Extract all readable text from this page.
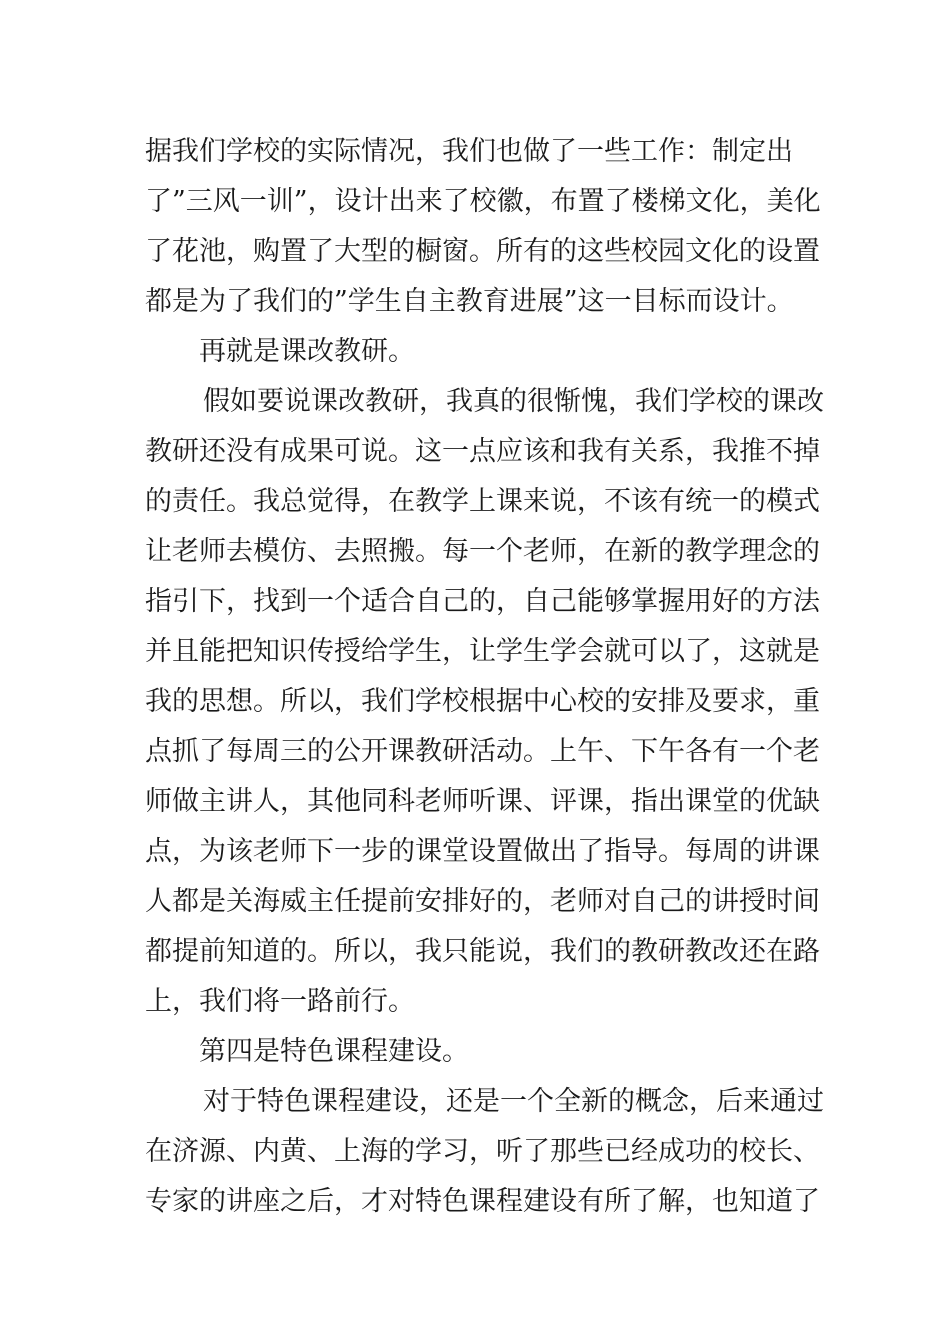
据我们学校的实际情况，我们也做了一些工作：制定出
了”三风一训”，设计出来了校徽，布置了楼梯文化，美化
了花池，购置了大型的橱窗。所有的这些校园文化的设置
都是为了我们的”学生自主教育进展”这一目标而设计。
再就是课改教研。
假如要说课改教研，我真的很惭愧，我们学校的课改
教研还没有成果可说。这一点应该和我有关系，我推不掉
的责任。我总觉得，在教学上课来说，不该有统一的模式
让老师去模仿、去照搬。每一个老师，在新的教学理念的
指引下，找到一个适合自己的，自己能够掌握用好的方法
并且能把知识传授给学生，让学生学会就可以了，这就是
我的思想。所以，我们学校根据中心校的安排及要求，重
点抓了每周三的公开课教研活动。上午、下午各有一个老
师做主讲人，其他同科老师听课、评课，指出课堂的优缺
点，为该老师下一步的课堂设置做出了指导。每周的讲课
人都是关海威主任提前安排好的，老师对自己的讲授时间
都提前知道的。所以，我只能说，我们的教研教改还在路
上，我们将一路前行。
第四是特色课程建设。
对于特色课程建设，还是一个全新的概念，后来通过
在济源、内黄、上海的学习，听了那些已经成功的校长、
专家的讲座之后，才对特色课程建设有所了解，也知道了
